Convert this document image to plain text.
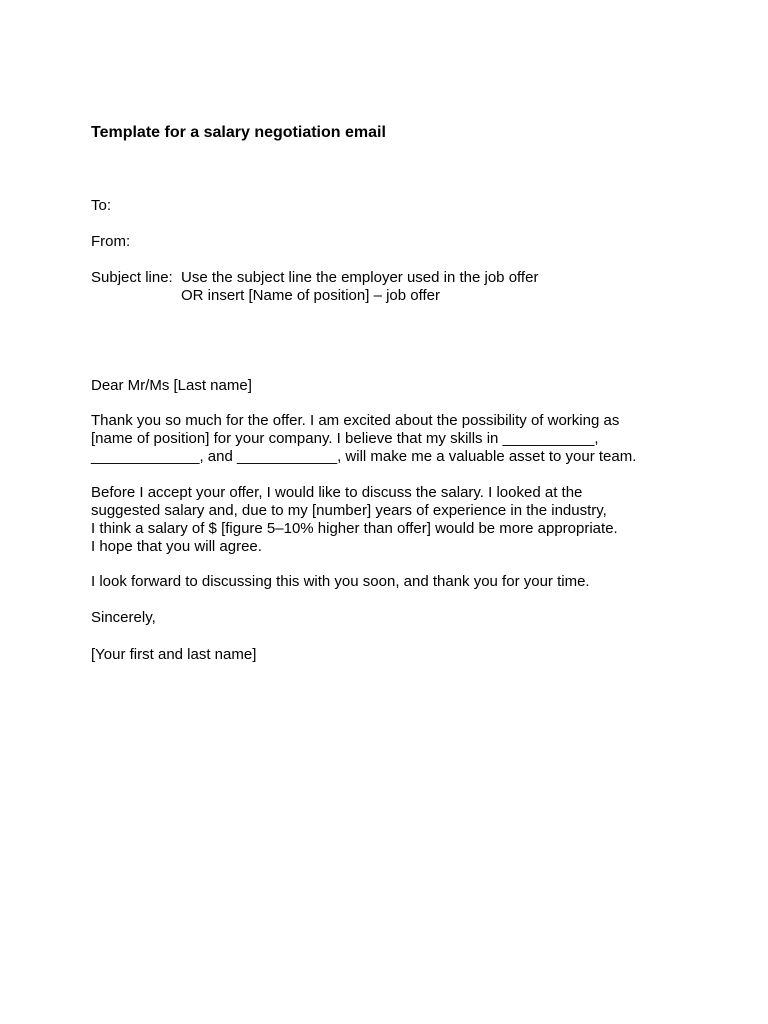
Template for a salary negotiation email
To:
From:
Subject line: Use the subject line the employer used in the job offer
OR insert [Name of position] – job offer
Dear Mr/Ms [Last name]
Thank you so much for the offer. I am excited about the possibility of working as
[name of position] for your company. I believe that my skills in ___________,
_____________, and ____________, will make me a valuable asset to your team.
Before I accept your offer, I would like to discuss the salary. I looked at the
suggested salary and, due to my [number] years of experience in the industry,
I think a salary of $ [figure 5–10% higher than offer] would be more appropriate.
I hope that you will agree.
I look forward to discussing this with you soon, and thank you for your time.
Sincerely,
[Your first and last name]
